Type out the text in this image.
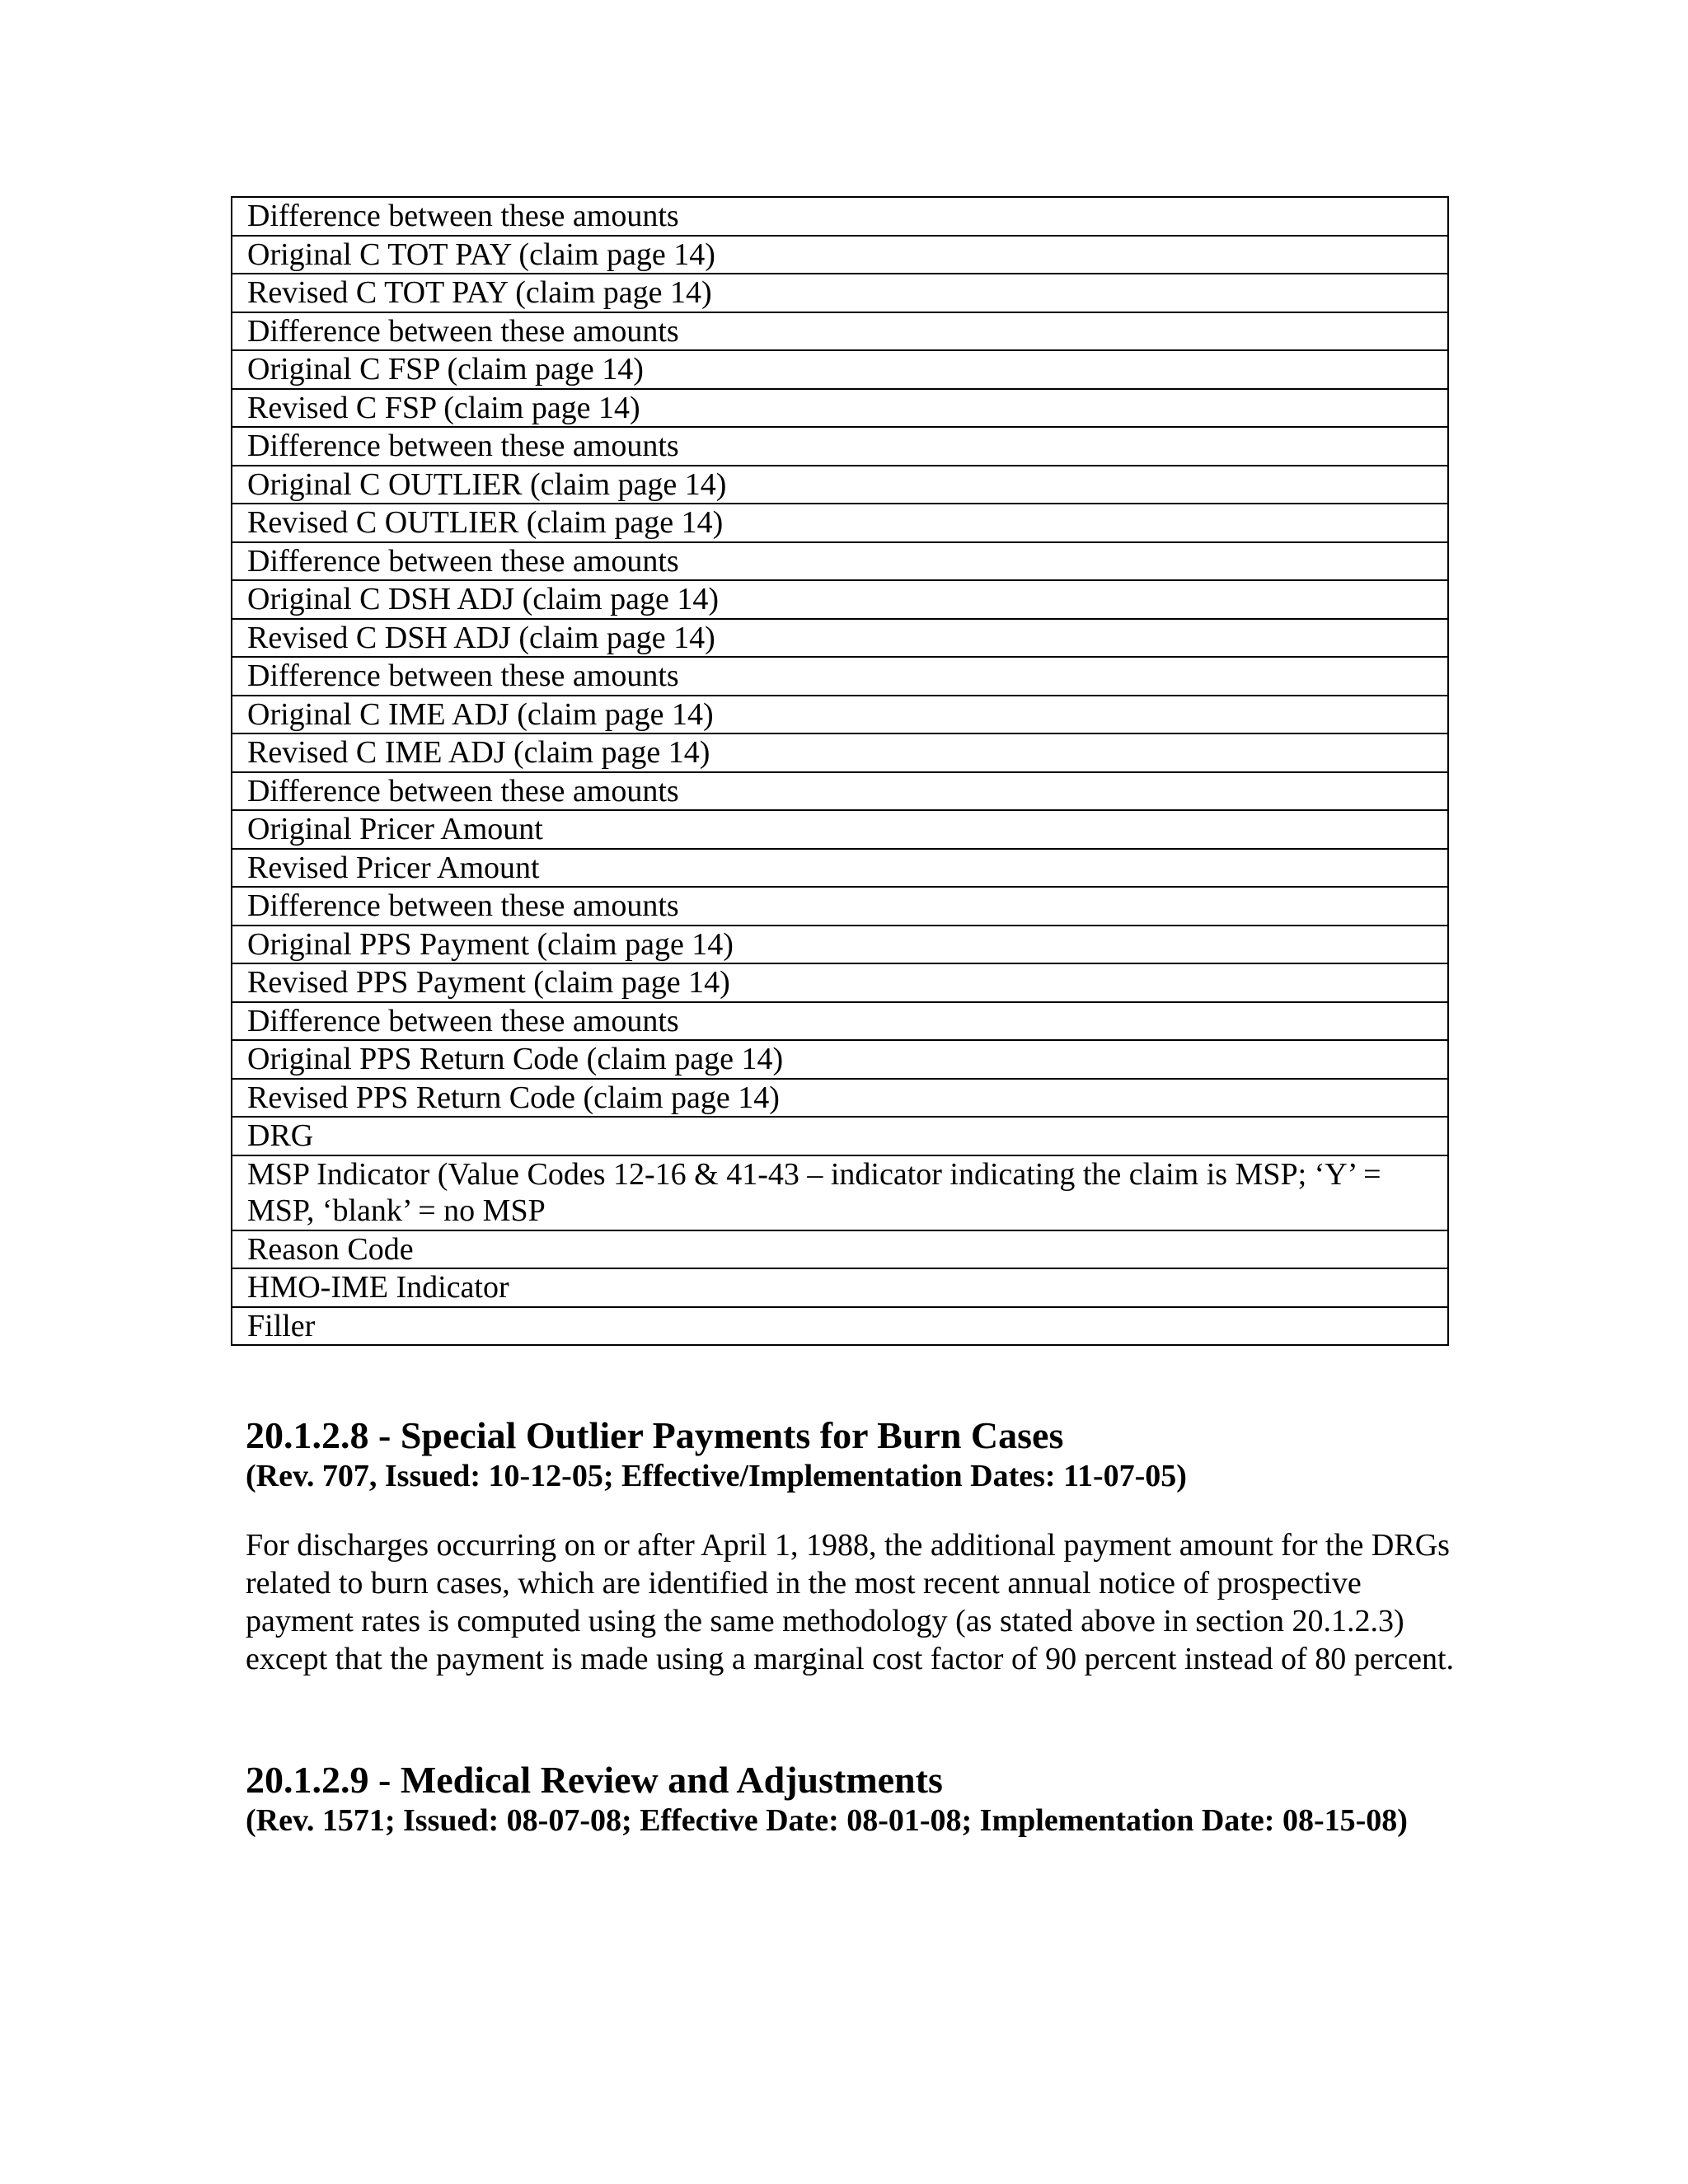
Difference between these amounts
Original C TOT PAY (claim page 14)
Revised C TOT PAY (claim page 14)
Difference between these amounts
Original C FSP (claim page 14)
Revised C FSP (claim page 14)
Difference between these amounts
Original C OUTLIER (claim page 14)
Revised C OUTLIER (claim page 14)
Difference between these amounts
Original C DSH ADJ (claim page 14)
Revised C DSH ADJ (claim page 14)
Difference between these amounts
Original C IME ADJ (claim page 14)
Revised C IME ADJ (claim page 14)
Difference between these amounts
Original Pricer Amount
Revised Pricer Amount
Difference between these amounts
Original PPS Payment (claim page 14)
Revised PPS Payment (claim page 14)
Difference between these amounts
Original PPS Return Code (claim page 14)
Revised PPS Return Code (claim page 14)
DRG
MSP Indicator (Value Codes 12-16 & 41-43 – indicator indicating the claim is MSP; ‘Y’ = MSP, ‘blank’ = no MSP
Reason Code
HMO-IME Indicator
Filler
20.1.2.8 - Special Outlier Payments for Burn Cases

(Rev. 707, Issued: 10-12-05; Effective/Implementation Dates: 11-07-05)

For discharges occurring on or after April 1, 1988, the additional payment amount for the DRGs related to burn cases, which are identified in the most recent annual notice of prospective payment rates is computed using the same methodology (as stated above in section 20.1.2.3) except that the payment is made using a marginal cost factor of 90 percent instead of 80 percent.

20.1.2.9 - Medical Review and Adjustments

(Rev. 1571; Issued: 08-07-08; Effective Date: 08-01-08; Implementation Date: 08-15-08)
